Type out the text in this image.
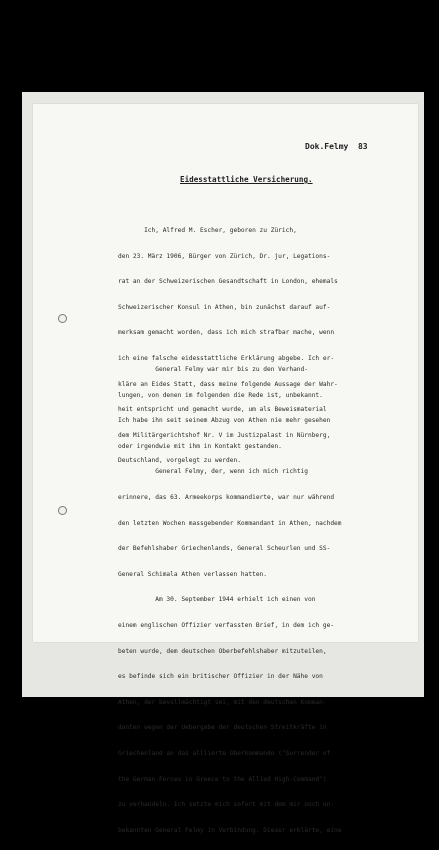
Dok.Felmy  83
Eidesstattliche Versicherung.

Ich, Alfred M. Escher, geboren zu Zürich,

den 23. März 1906, Bürger von Zürich, Dr. jur, Legations-

rat an der Schweizerischen Gesandtschaft in London, ehemals

Schweizerischer Konsul in Athen, bin zunächst darauf auf-

merksam gemacht worden, dass ich mich strafbar mache, wenn

ich eine falsche eidesstattliche Erklärung abgebe. Ich er-

kläre an Eides Statt, dass meine folgende Aussage der Wahr-

heit entspricht und gemacht wurde, um als Beweismaterial

dem Militärgerichtshof Nr. V im Justizpalast in Nürnberg,

Deutschland, vorgelegt zu werden.

General Felmy war mir bis zu den Verhand-

lungen, von denen im folgenden die Rede ist, unbekannt.

Ich habe ihn seit seinem Abzug von Athen nie mehr gesehen

oder irgendwie mit ihm in Kontakt gestanden.

General Felmy, der, wenn ich mich richtig

erinnere, das 63. Armeekorps kommandierte, war nur während

den letzten Wochen massgebender Kommandant in Athen, nachdem

der Befehlshaber Griechenlands, General Scheurlen und SS-

General Schimala Athen verlassen hatten.

Am 30. September 1944 erhielt ich einen von

einem englischen Offizier verfassten Brief, in dem ich ge-

beten wurde, dem deutschen Oberbefehlshaber mitzuteilen,

es befinde sich ein britischer Offizier in der Nähe von

Athen, der bevollmächtigt sei, mit den deutschen Komman-

danten wegen der Uebergabe der deutschen Streitkräfte in

Griechenland an das alliierte Oberkommando ("Surrender of

the German Forces in Greece to the Allied High-Command")

zu verhandeln. Ich setzte mich sofort mit dem mir noch un-

bekannten General Felmy in Verbindung. Dieser erklärte, eine
